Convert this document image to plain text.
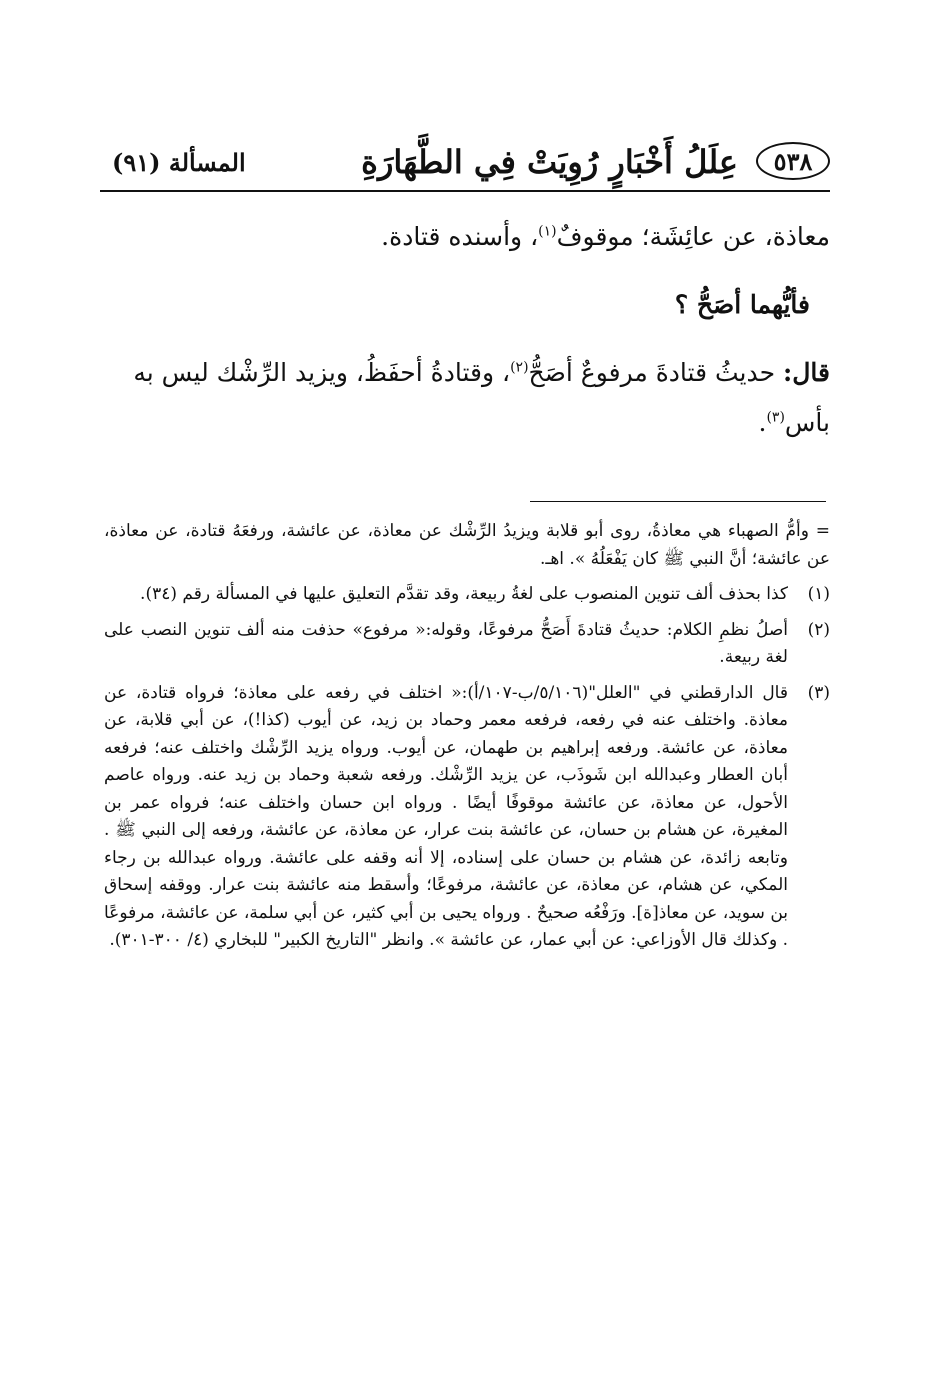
٥٣٨
عِلَلُ أَخْبَارٍ رُوِيَتْ فِي الطَّهَارَةِ
المسألة (٩١)

معاذة، عن عائِشَة؛ موقوفٌ$^{(١)}$، وأسنده قتادة.

فأيُّهما أصَحُّ ؟

قال: حديثُ قتادةَ مرفوعٌ أصَحُّ$^{(٢)}$، وقتادةُ أحفَظُ، ويزيد الرِّشْك ليس به بأس$^{(٣)}$.

= وأمُّ الصهباء هي معاذةُ، روى أبو قلابة ويزيدُ الرِّشْك عن معاذة، عن عائشة، ورفعَهُ قتادة، عن معاذة، عن عائشة؛ أنَّ النبي ﷺ كان يَفْعَلُهُ ». اهـ.

(١)
كذا بحذف ألف تنوين المنصوب على لغةُ ربيعة، وقد تقدَّم التعليق عليها في المسألة رقم (٣٤).
(٢)
أصلُ نظمِ الكلام: حديثُ قتادةَ أَصَحُّ مرفوعًا، وقوله:« مرفوع» حذفت منه ألف تنوين النصب على لغة ربيعة.
(٣)
قال الدارقطني في "العلل"(٥/١٠٦/ب-١٠٧/أ):« اختلف في رفعه على معاذة؛ فرواه قتادة، عن معاذة. واختلف عنه في رفعه، فرفعه معمر وحماد بن زيد، عن أيوب (كذا!)، عن أبي قلابة، عن معاذة، عن عائشة. ورفعه إبراهيم بن طهمان، عن أيوب. ورواه يزيد الرِّشْك واختلف عنه؛ فرفعه أبان العطار وعبدالله ابن شَوذَب، عن يزيد الرِّشْك. ورفعه شعبة وحماد بن زيد عنه. ورواه عاصم الأحول، عن معاذة، عن عائشة موقوفًا أيضًا . ورواه ابن حسان واختلف عنه؛ فرواه عمر بن المغيرة، عن هشام بن حسان، عن عائشة بنت عرار، عن معاذة، عن عائشة، ورفعه إلى النبي ﷺ . وتابعه زائدة، عن هشام بن حسان على إسناده، إلا أنه وقفه على عائشة. ورواه عبدالله بن رجاء المكي، عن هشام، عن معاذة، عن عائشة، مرفوعًا؛ وأسقط منه عائشة بنت عرار. ووقفه إسحاق بن سويد، عن معاذ[ة]. ورَفْعُه صحيحٌ . ورواه يحيى بن أبي كثير، عن أبي سلمة، عن عائشة، مرفوعًا . وكذلك قال الأوزاعي: عن أبي عمار، عن عائشة ». وانظر "التاريخ الكبير" للبخاري (٤/ ٣٠٠-٣٠١).
